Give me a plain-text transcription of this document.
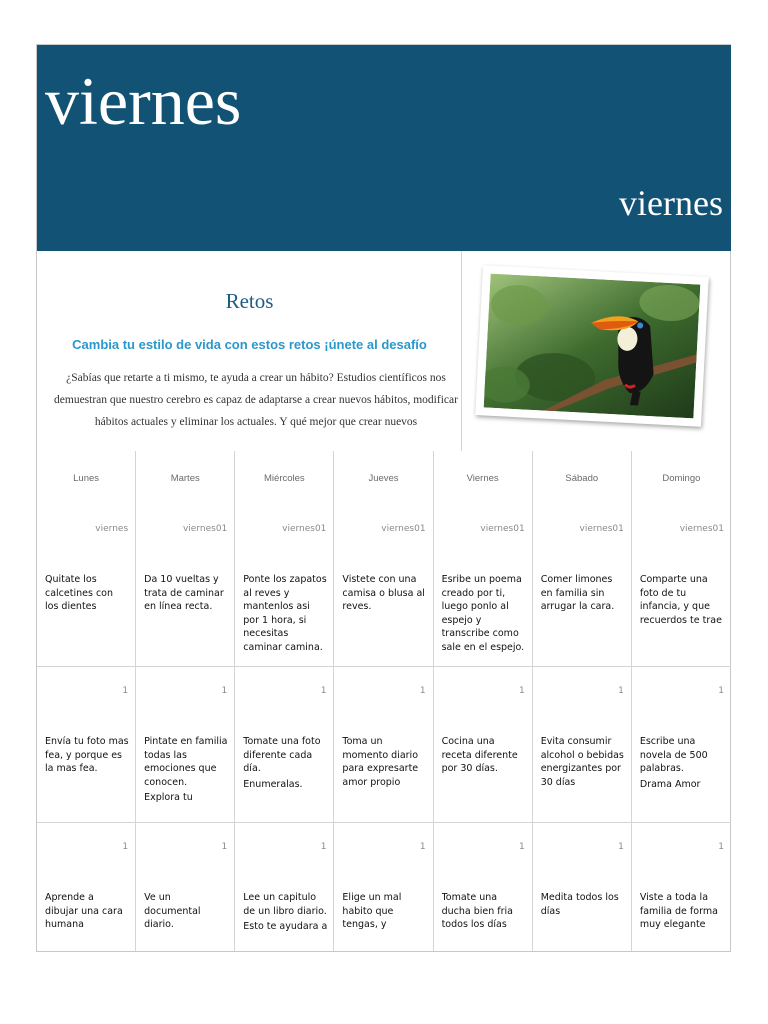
viernes
viernes
Retos
Cambia tu estilo de vida con estos retos ¡únete al desafío
¿Sabías que retarte a ti mismo, te ayuda a crear un hábito? Estudios científicos nos demuestran que nuestro cerebro es capaz de adaptarse a crear nuevos hábitos, modificar hábitos actuales y eliminar los actuales. Y qué mejor que crear nuevos
Lunes
viernes
Quitate los calcetines con los dientes
Martes
viernes01
Da 10 vueltas y trata de caminar en línea recta.
Miércoles
viernes01
Ponte los zapatos al reves y mantenlos asi por 1 hora, si necesitas caminar camina.
Jueves
viernes01
Vistete con una camisa o blusa al reves.
Viernes
viernes01
Esribe un poema creado por ti, luego ponlo al espejo y transcribe como sale en el espejo.
Sábado
viernes01
Comer limones en familia sin arrugar la cara.
Domingo
viernes01
Comparte una foto de tu infancia, y que recuerdos te trae
1
Envía tu foto mas fea, y porque es la mas fea.
1
Pintate en familia todas las emociones que conocen.
Explora tu
1
Tomate una foto diferente cada día.
Enumeralas.
1
Toma un momento diario para expresarte amor propio
1
Cocina una receta diferente por 30 días.
1
Evita consumir alcohol o bebidas energizantes por 30 días
1
Escribe una novela de 500 palabras.
Drama Amor
1
Aprende a dibujar una cara humana
1
Ve un documental diario.
1
Lee un capitulo de un libro diario.
Esto te ayudara a
1
Elige un mal habito que tengas, y
1
Tomate una ducha bien fria todos los días
1
Medita todos los días
1
Viste a toda la familia de forma muy elegante
